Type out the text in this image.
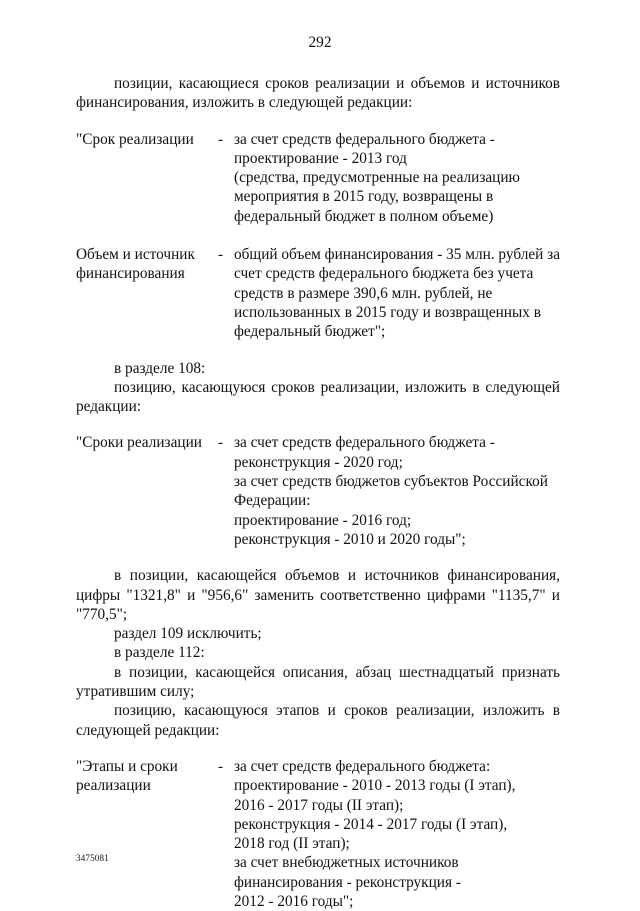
292

позиции, касающиеся сроков реализации и объемов и источников финансирования, изложить в следующей редакции:

"Срок реализации	- за счет средств федерального бюджета -
проектирование - 2013 год
(средства, предусмотренные на реализацию
мероприятия в 2015 году, возвращены в
федеральный бюджет в полном объеме)
Объем и источник финансирования
- общий объем финансирования - 35 млн. рублей за
счет средств федерального бюджета без учета
средств в размере 390,6 млн. рублей, не
использованных в 2015 году и возвращенных в
федеральный бюджет";

в разделе 108:

позицию, касающуюся сроков реализации, изложить в следующей редакции:

"Сроки реализации	- за счет средств федерального бюджета -
реконструкция - 2020 год;
за счет средств бюджетов субъектов Российской
Федерации:
проектирование - 2016 год;
реконструкция - 2010 и 2020 годы";

в позиции, касающейся объемов и источников финансирования, цифры "1321,8" и "956,6" заменить соответственно цифрами "1135,7" и "770,5";

раздел 109 исключить;

в разделе 112:

в позиции, касающейся описания, абзац шестнадцатый признать утратившим силу;

позицию, касающуюся этапов и сроков реализации, изложить в следующей редакции:

"Этапы и сроки реализации
- за счет средств федерального бюджета:
проектирование - 2010 - 2013 годы (I этап),
2016 - 2017 годы (II этап);
реконструкция - 2014 - 2017 годы (I этап),
2018 год (II этап);
за счет внебюджетных источников
финансирования - реконструкция -
2012 - 2016 годы";
3475081
